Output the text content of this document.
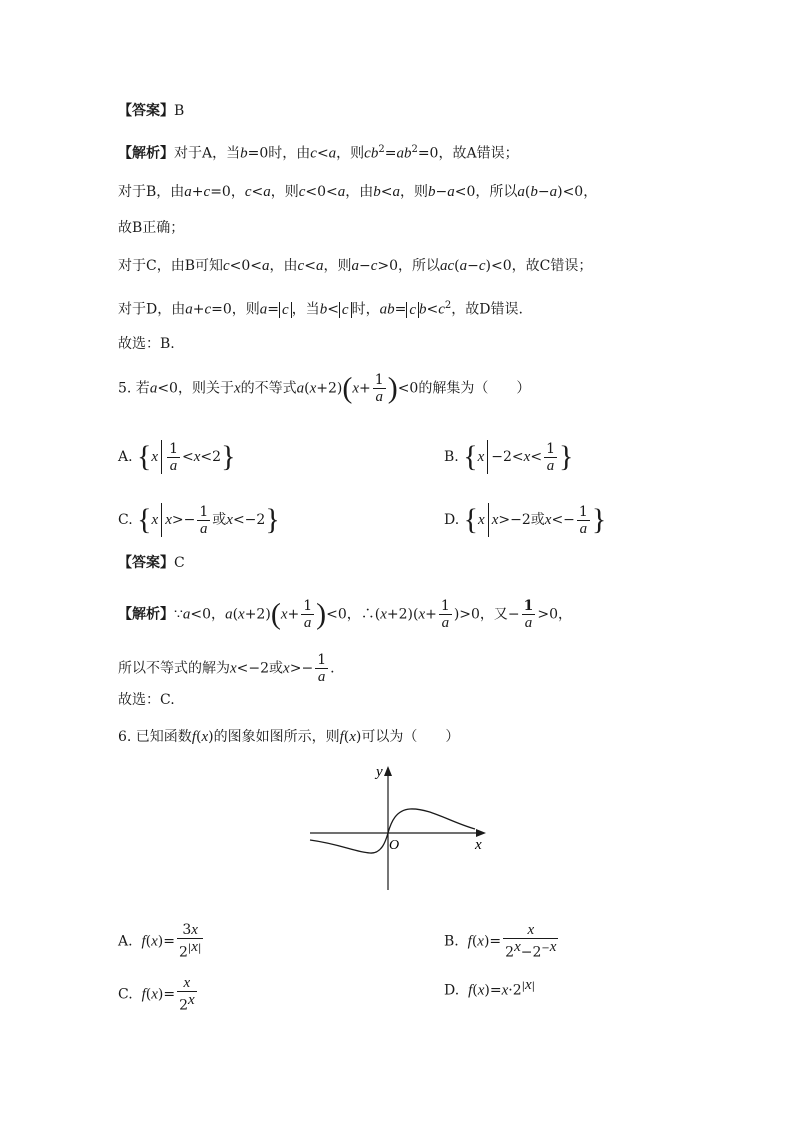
【答案】B
【解析】对于A，当b=0时，由c<a，则$cb^2=ab^2=0$，故A错误；
对于B，由a+c=0，c<a，则c<0<a，由b<a，则b−a<0，所以a(b−a)<0，
故B正确；
对于C，由B可知c<0<a，由c<a，则a−c>0，所以ac(a−c)<0，故C错误；
对于D，由a+c=0，则a= c ，当b< c 时，ab= c $b<c^2$，故D错误.
故选：B.
5. 若a<0，则关于x的不等式$a(x+2)(x+ \frac{1}{a} )<0$的解集为（　　）
A. $\{x \frac{1}{a} <x<2\}$	B. {$x -2<x< \frac{1}{a}$ }
C. {x $x>- \frac{1}{a}$ 或x<−2}	D. {x x>−2或$x<- \frac{1}{a}$ }
【答案】C
【解析】∵a<0，$a(x+2)(x+ \frac{1}{a} )<0$，∴(x+2)(x+ $\frac{1}{a} )>0$，又− $\frac{1}{a} >0$，
所以不等式的解为x<−2或$x>- \frac{1}{a}$ .
故选：C.
6. 已知函数f(x)的图象如图所示，则f(x)可以为（　　）
y
x
O
A.  $f(x)= \frac{3x}{2^{|x|}}$	B.  $f(x)= \frac{x}{2^x-2^{-x}}$
C.  $f(x)= \frac{x}{2^x}$	D.  $f(x)=x\cdot 2^{|x|}$
